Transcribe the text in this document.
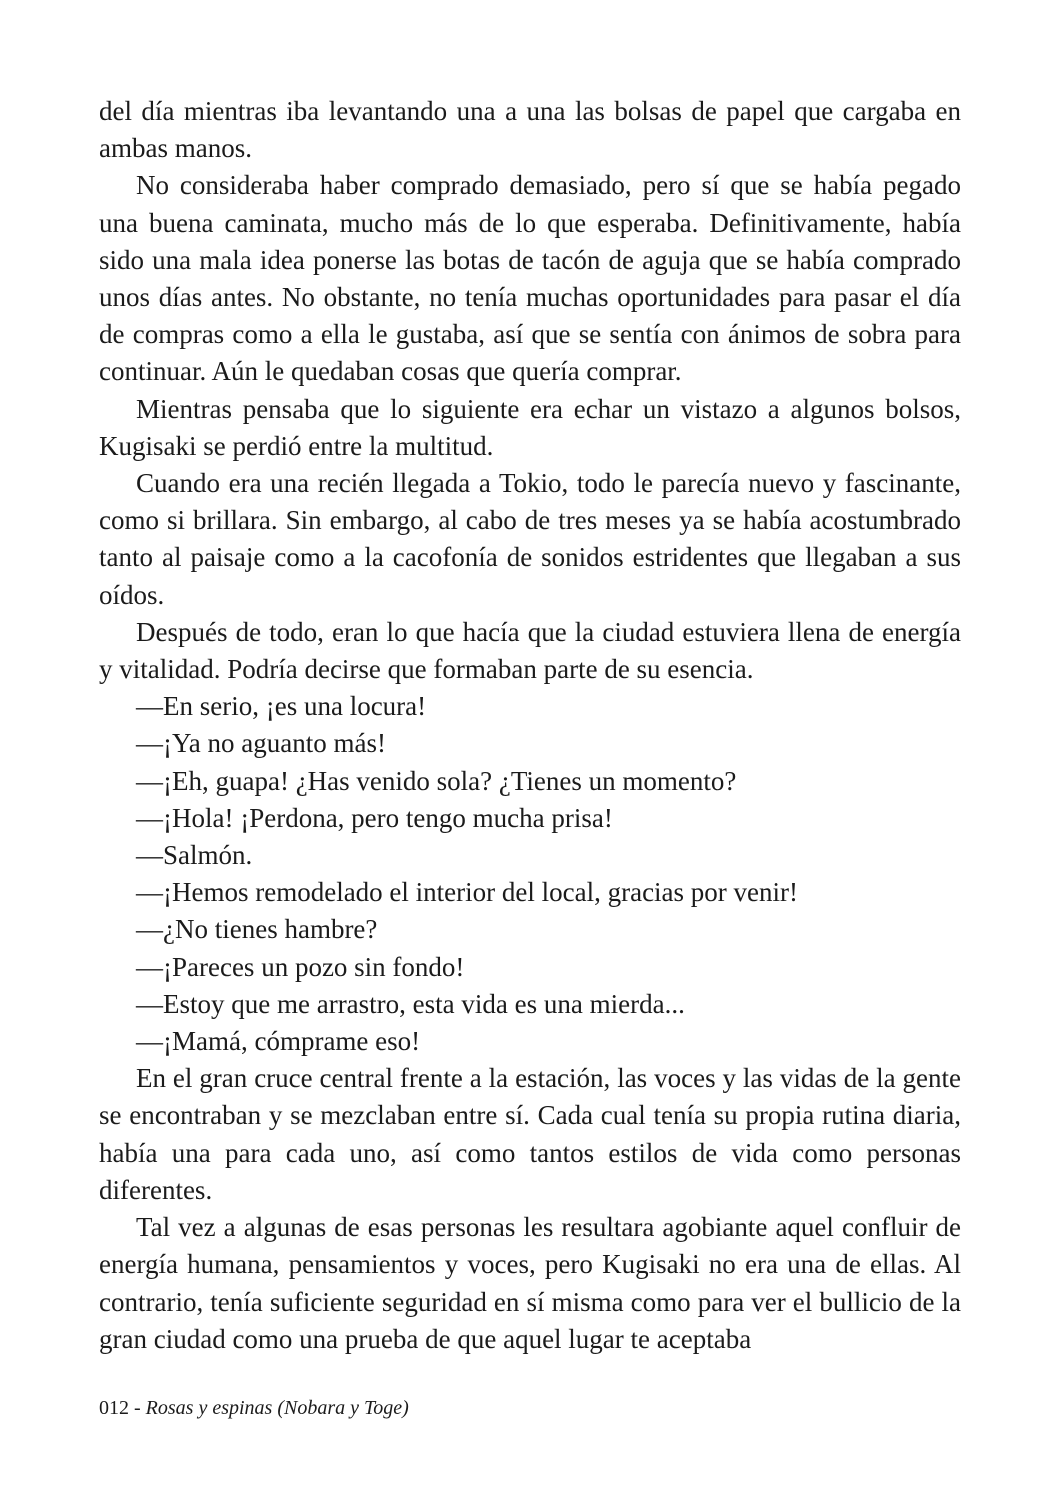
del día mientras iba levantando una a una las bolsas de papel que cargaba en ambas manos.

No consideraba haber comprado demasiado, pero sí que se había pegado una buena caminata, mucho más de lo que esperaba. Definitivamente, había sido una mala idea ponerse las botas de tacón de aguja que se había comprado unos días antes. No obstante, no tenía muchas oportunidades para pasar el día de compras como a ella le gustaba, así que se sentía con ánimos de sobra para continuar. Aún le quedaban cosas que quería comprar.

Mientras pensaba que lo siguiente era echar un vistazo a algunos bolsos, Kugisaki se perdió entre la multitud.

Cuando era una recién llegada a Tokio, todo le parecía nuevo y fascinante, como si brillara. Sin embargo, al cabo de tres meses ya se había acostumbrado tanto al paisaje como a la cacofonía de sonidos estridentes que llegaban a sus oídos.

Después de todo, eran lo que hacía que la ciudad estuviera llena de energía y vitalidad. Podría decirse que formaban parte de su esencia.

—En serio, ¡es una locura!

—¡Ya no aguanto más!

—¡Eh, guapa! ¿Has venido sola? ¿Tienes un momento?

—¡Hola! ¡Perdona, pero tengo mucha prisa!

—Salmón.

—¡Hemos remodelado el interior del local, gracias por venir!

—¿No tienes hambre?

—¡Pareces un pozo sin fondo!

—Estoy que me arrastro, esta vida es una mierda...

—¡Mamá, cómprame eso!

En el gran cruce central frente a la estación, las voces y las vidas de la gente se encontraban y se mezclaban entre sí. Cada cual tenía su propia rutina diaria, había una para cada uno, así como tantos estilos de vida como personas diferentes.

Tal vez a algunas de esas personas les resultara agobiante aquel confluir de energía humana, pensamientos y voces, pero Kugisaki no era una de ellas. Al contrario, tenía suficiente seguridad en sí misma como para ver el bullicio de la gran ciudad como una prueba de que aquel lugar te aceptaba

012 - Rosas y espinas (Nobara y Toge)
